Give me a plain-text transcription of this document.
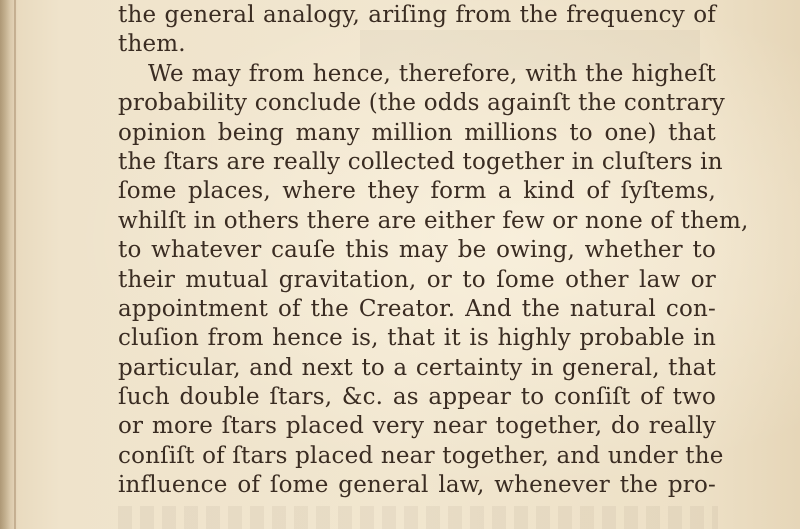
the general analogy, ariſing from the frequency of
them.
We may from hence, therefore, with the higheſt
probability conclude (the odds againſt the contrary
opinion being many million millions to one) that
the ſtars are really collected together in cluſters in
ſome places, where they form a kind of ſyſtems,
whilſt in others there are either few or none of them,
to whatever cauſe this may be owing, whether to
their mutual gravitation, or to ſome other law or
appointment of the Creator. And the natural con-
cluſion from hence is, that it is highly probable in
particular, and next to a certainty in general, that
ſuch double ſtars, &c. as appear to conſiſt of two
or more ſtars placed very near together, do really
conſiſt of ſtars placed near together, and under the
influence of ſome general law, whenever the pro-
